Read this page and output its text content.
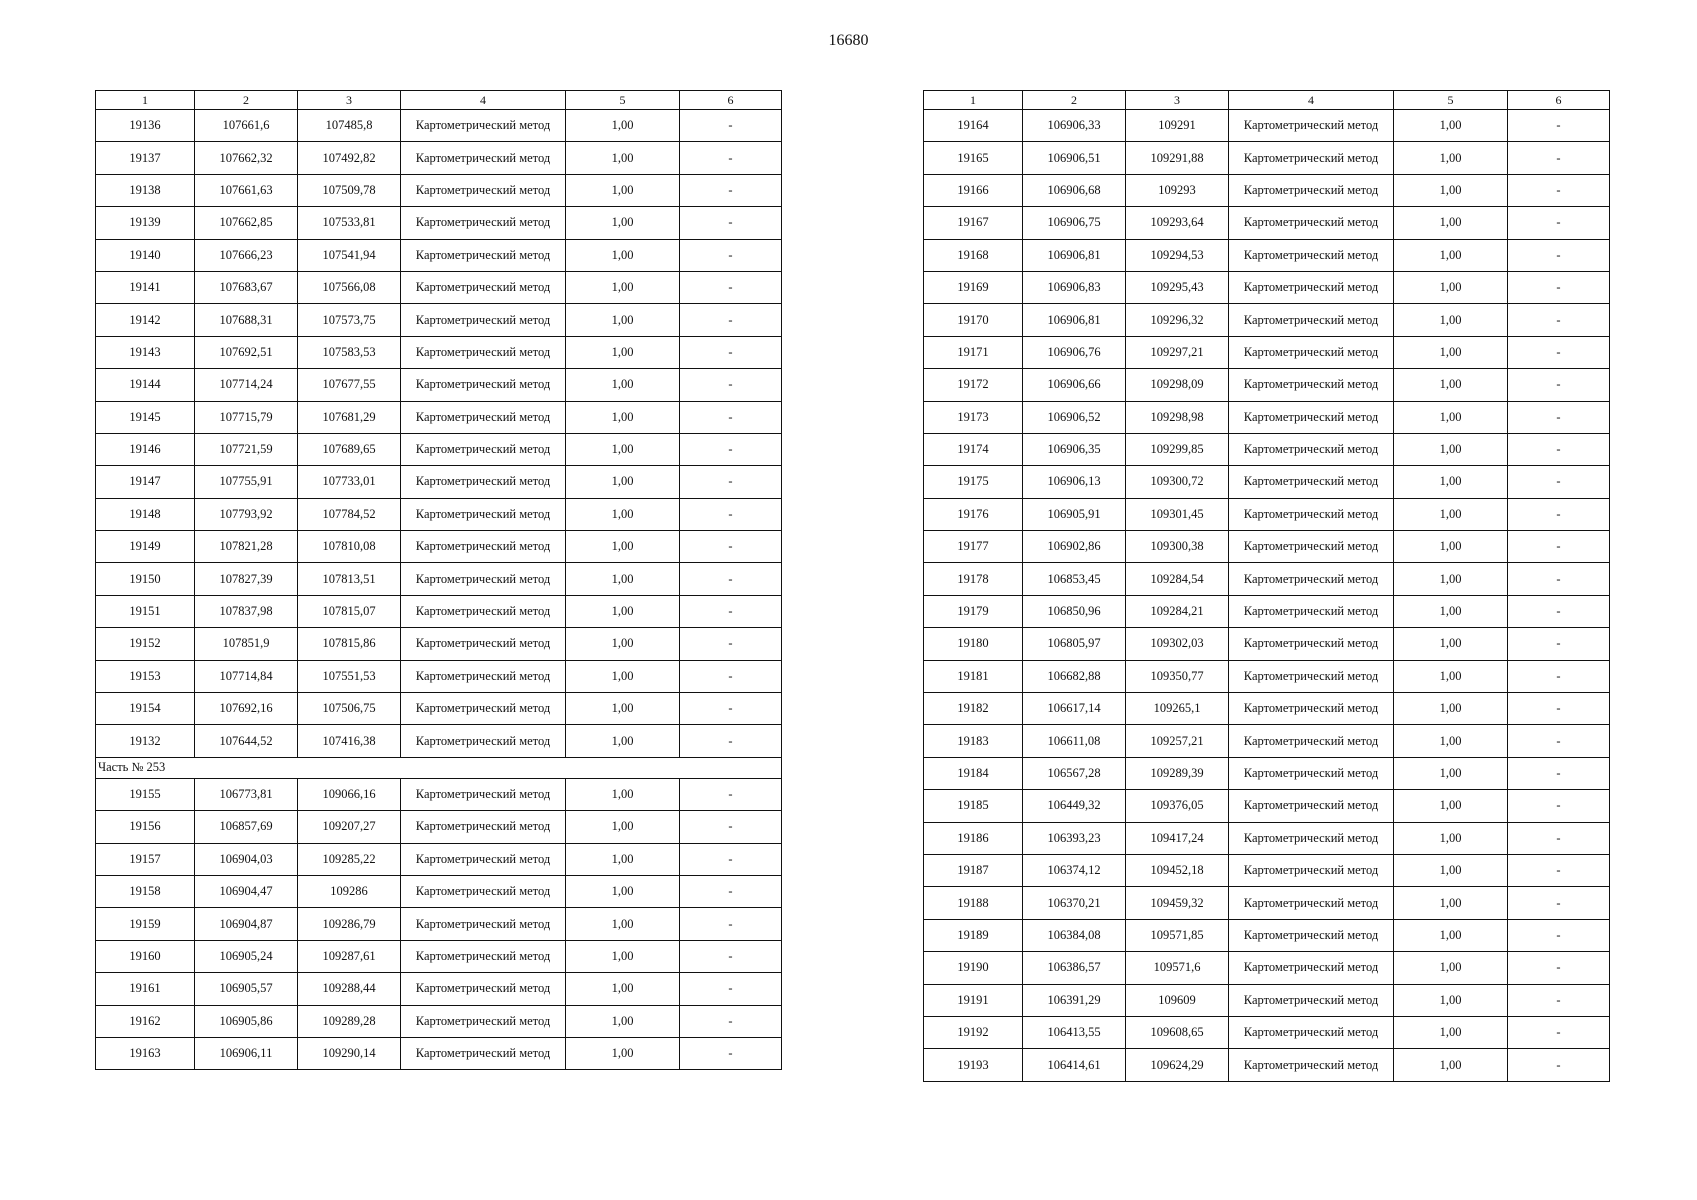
16680
1	2	3	4	5	6
19136	107661,6	107485,8	Картометрический метод	1,00	-
19137	107662,32	107492,82	Картометрический метод	1,00	-
19138	107661,63	107509,78	Картометрический метод	1,00	-
19139	107662,85	107533,81	Картометрический метод	1,00	-
19140	107666,23	107541,94	Картометрический метод	1,00	-
19141	107683,67	107566,08	Картометрический метод	1,00	-
19142	107688,31	107573,75	Картометрический метод	1,00	-
19143	107692,51	107583,53	Картометрический метод	1,00	-
19144	107714,24	107677,55	Картометрический метод	1,00	-
19145	107715,79	107681,29	Картометрический метод	1,00	-
19146	107721,59	107689,65	Картометрический метод	1,00	-
19147	107755,91	107733,01	Картометрический метод	1,00	-
19148	107793,92	107784,52	Картометрический метод	1,00	-
19149	107821,28	107810,08	Картометрический метод	1,00	-
19150	107827,39	107813,51	Картометрический метод	1,00	-
19151	107837,98	107815,07	Картометрический метод	1,00	-
19152	107851,9	107815,86	Картометрический метод	1,00	-
19153	107714,84	107551,53	Картометрический метод	1,00	-
19154	107692,16	107506,75	Картометрический метод	1,00	-
19132	107644,52	107416,38	Картометрический метод	1,00	-
Часть № 253					
19155	106773,81	109066,16	Картометрический метод	1,00	-
19156	106857,69	109207,27	Картометрический метод	1,00	-
19157	106904,03	109285,22	Картометрический метод	1,00	-
19158	106904,47	109286	Картометрический метод	1,00	-
19159	106904,87	109286,79	Картометрический метод	1,00	-
19160	106905,24	109287,61	Картометрический метод	1,00	-
19161	106905,57	109288,44	Картометрический метод	1,00	-
19162	106905,86	109289,28	Картометрический метод	1,00	-
19163	106906,11	109290,14	Картометрический метод	1,00	-
1	2	3	4	5	6
19164	106906,33	109291	Картометрический метод	1,00	-
19165	106906,51	109291,88	Картометрический метод	1,00	-
19166	106906,68	109293	Картометрический метод	1,00	-
19167	106906,75	109293,64	Картометрический метод	1,00	-
19168	106906,81	109294,53	Картометрический метод	1,00	-
19169	106906,83	109295,43	Картометрический метод	1,00	-
19170	106906,81	109296,32	Картометрический метод	1,00	-
19171	106906,76	109297,21	Картометрический метод	1,00	-
19172	106906,66	109298,09	Картометрический метод	1,00	-
19173	106906,52	109298,98	Картометрический метод	1,00	-
19174	106906,35	109299,85	Картометрический метод	1,00	-
19175	106906,13	109300,72	Картометрический метод	1,00	-
19176	106905,91	109301,45	Картометрический метод	1,00	-
19177	106902,86	109300,38	Картометрический метод	1,00	-
19178	106853,45	109284,54	Картометрический метод	1,00	-
19179	106850,96	109284,21	Картометрический метод	1,00	-
19180	106805,97	109302,03	Картометрический метод	1,00	-
19181	106682,88	109350,77	Картометрический метод	1,00	-
19182	106617,14	109265,1	Картометрический метод	1,00	-
19183	106611,08	109257,21	Картометрический метод	1,00	-
19184	106567,28	109289,39	Картометрический метод	1,00	-
19185	106449,32	109376,05	Картометрический метод	1,00	-
19186	106393,23	109417,24	Картометрический метод	1,00	-
19187	106374,12	109452,18	Картометрический метод	1,00	-
19188	106370,21	109459,32	Картометрический метод	1,00	-
19189	106384,08	109571,85	Картометрический метод	1,00	-
19190	106386,57	109571,6	Картометрический метод	1,00	-
19191	106391,29	109609	Картометрический метод	1,00	-
19192	106413,55	109608,65	Картометрический метод	1,00	-
19193	106414,61	109624,29	Картометрический метод	1,00	-
